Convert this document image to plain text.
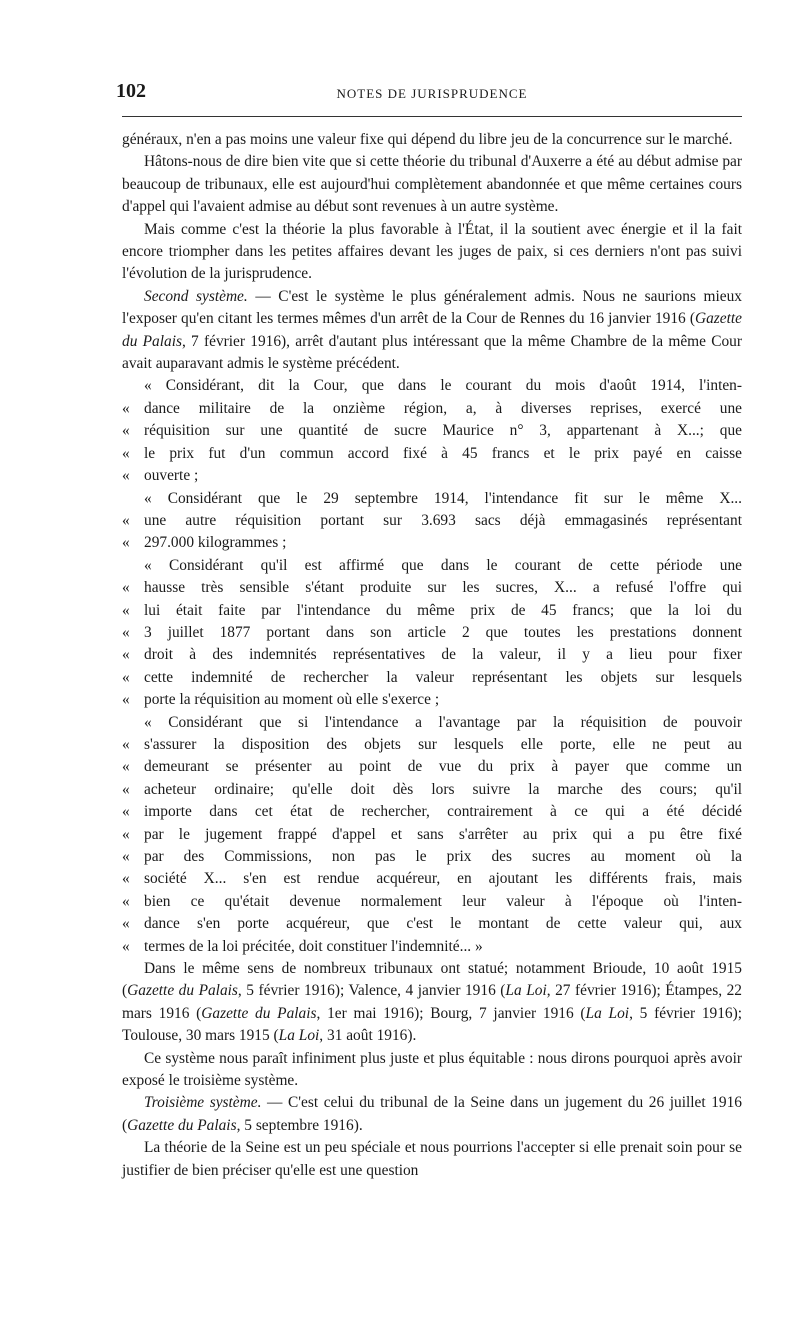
102	NOTES DE JURISPRUDENCE

généraux, n'en a pas moins une valeur fixe qui dépend du libre jeu de la concurrence sur le marché.

Hâtons-nous de dire bien vite que si cette théorie du tribunal d'Auxerre a été au début admise par beaucoup de tribunaux, elle est aujourd'hui complètement abandonnée et que même certaines cours d'appel qui l'avaient admise au début sont revenues à un autre système.

Mais comme c'est la théorie la plus favorable à l'État, il la soutient avec énergie et il la fait encore triompher dans les petites affaires devant les juges de paix, si ces derniers n'ont pas suivi l'évolution de la jurisprudence.

Second système. — C'est le système le plus généralement admis. Nous ne saurions mieux l'exposer qu'en citant les termes mêmes d'un arrêt de la Cour de Rennes du 16 janvier 1916 (Gazette du Palais, 7 février 1916), arrêt d'autant plus intéressant que la même Chambre de la même Cour avait auparavant admis le système précédent.

« Considérant, dit la Cour, que dans le courant du mois d'août 1914, l'inten-
« dance militaire de la onzième région, a, à diverses reprises, exercé une
« réquisition sur une quantité de sucre Maurice n° 3, appartenant à X...; que
« le prix fut d'un commun accord fixé à 45 francs et le prix payé en caisse
« ouverte ;
« Considérant que le 29 septembre 1914, l'intendance fit sur le même X...
« une autre réquisition portant sur 3.693 sacs déjà emmagasinés représentant
« 297.000 kilogrammes ;
« Considérant qu'il est affirmé que dans le courant de cette période une
« hausse très sensible s'étant produite sur les sucres, X... a refusé l'offre qui
« lui était faite par l'intendance du même prix de 45 francs; que la loi du
« 3 juillet 1877 portant dans son article 2 que toutes les prestations donnent
« droit à des indemnités représentatives de la valeur, il y a lieu pour fixer
« cette indemnité de rechercher la valeur représentant les objets sur lesquels
« porte la réquisition au moment où elle s'exerce ;
« Considérant que si l'intendance a l'avantage par la réquisition de pouvoir
« s'assurer la disposition des objets sur lesquels elle porte, elle ne peut au
« demeurant se présenter au point de vue du prix à payer que comme un
« acheteur ordinaire; qu'elle doit dès lors suivre la marche des cours; qu'il
« importe dans cet état de rechercher, contrairement à ce qui a été décidé
« par le jugement frappé d'appel et sans s'arrêter au prix qui a pu être fixé
« par des Commissions, non pas le prix des sucres au moment où la
« société X... s'en est rendue acquéreur, en ajoutant les différents frais, mais
« bien ce qu'était devenue normalement leur valeur à l'époque où l'inten-
« dance s'en porte acquéreur, que c'est le montant de cette valeur qui, aux
« termes de la loi précitée, doit constituer l'indemnité... »

Dans le même sens de nombreux tribunaux ont statué; notamment Brioude, 10 août 1915 (Gazette du Palais, 5 février 1916); Valence, 4 janvier 1916 (La Loi, 27 février 1916); Étampes, 22 mars 1916 (Gazette du Palais, 1er mai 1916); Bourg, 7 janvier 1916 (La Loi, 5 février 1916); Toulouse, 30 mars 1915 (La Loi, 31 août 1916).

Ce système nous paraît infiniment plus juste et plus équitable : nous dirons pourquoi après avoir exposé le troisième système.

Troisième système. — C'est celui du tribunal de la Seine dans un jugement du 26 juillet 1916 (Gazette du Palais, 5 septembre 1916).

La théorie de la Seine est un peu spéciale et nous pourrions l'accepter si elle prenait soin pour se justifier de bien préciser qu'elle est une question
